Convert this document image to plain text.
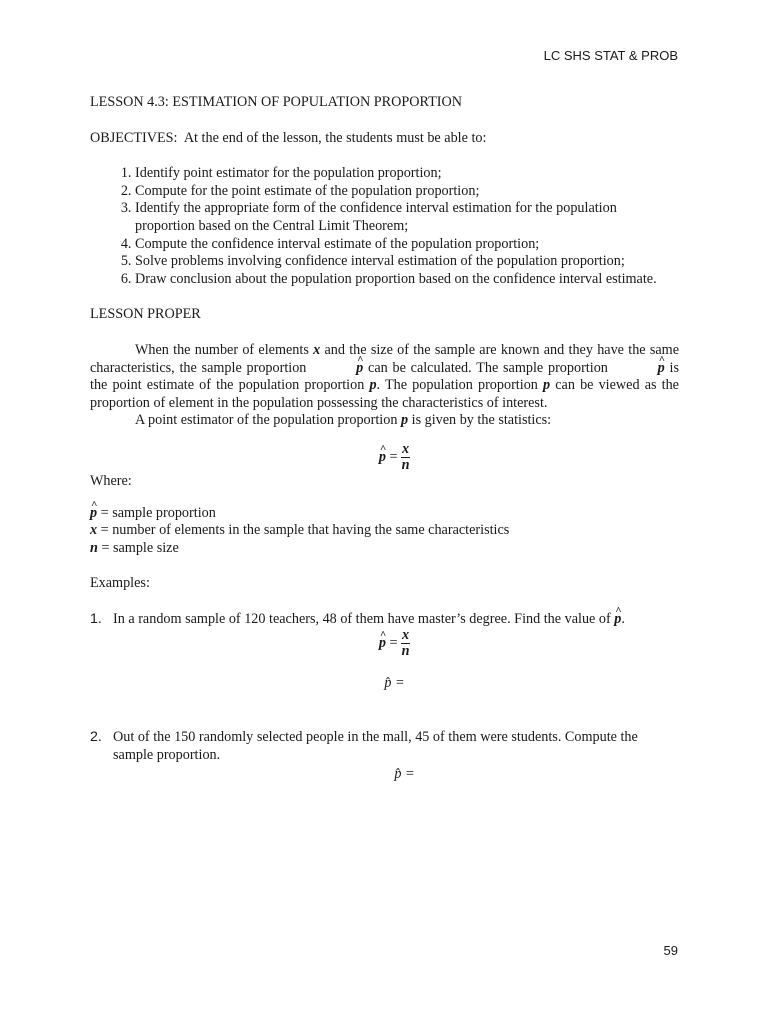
LC SHS STAT & PROB

LESSON 4.3: ESTIMATION OF POPULATION PROPORTION

OBJECTIVES: At the end of the lesson, the students must be able to:

1. Identify point estimator for the population proportion;
2. Compute for the point estimate of the population proportion;
3. Identify the appropriate form of the confidence interval estimation for the population proportion based on the Central Limit Theorem;
4. Compute the confidence interval estimate of the population proportion;
5. Solve problems involving confidence interval estimation of the population proportion;
6. Draw conclusion about the population proportion based on the confidence interval estimate.

LESSON PROPER

When the number of elements x and the size of the sample are known and they have the same characteristics, the sample proportion	^ p can be calculated. The sample proportion	^ p is the point estimate of the population proportion p. The population proportion p can be viewed as the proportion of element in the population possessing the characteristics of interest.

A point estimator of the population proportion p is given by the statistics:

^ $p = \frac{x}{n}$

Where:

^ p = sample proportion
x = number of elements in the sample that having the same characteristics
n = sample size

Examples:

1. In a random sample of 120 teachers, 48 of them have master’s degree. Find the value of ^ p.
^ $p = \frac{x}{n}$
p̂ =
2. Out of the 150 randomly selected people in the mall, 45 of them were students. Compute the sample proportion.
p̂ =
59
